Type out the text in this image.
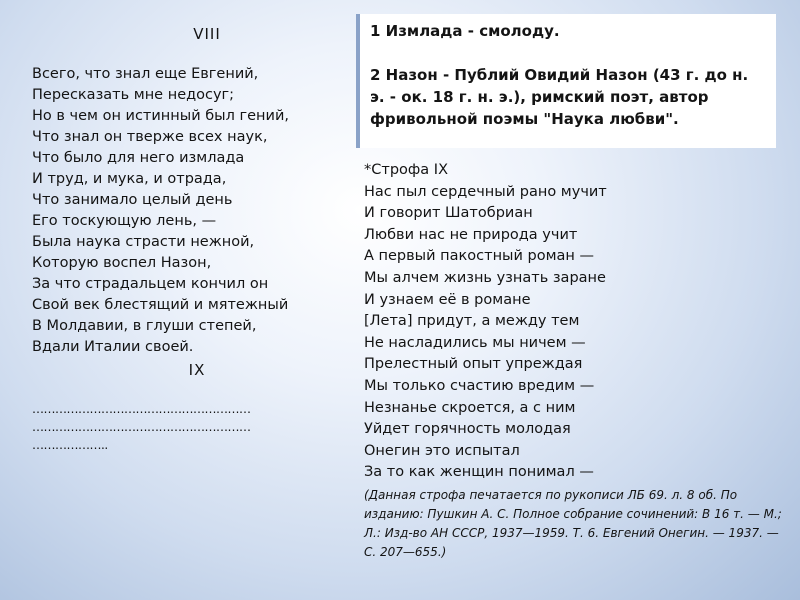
VIII
Всего, что знал еще Евгений,
Пересказать мне недосуг;
Но в чем он истинный был гений,
Что знал он тверже всех наук,
Что было для него измлада
И труд, и мука, и отрада,
Что занимало целый день
Его тоскующую лень, —
Была наука страсти нежной,
Которую воспел Назон,
За что страдальцем кончил он
Свой век блестящий и мятежный
В Молдавии, в глуши степей,
Вдали Италии своей.
IX
…………………………………………………
…………………………………………………
………………..

1 Измлада - смолоду.

2 Назон - Публий Овидий Назон (43 г. до н. э. - ок. 18 г. н. э.), римский поэт, автор фривольной поэмы "Наука любви".

*Строфа IX
Нас пыл сердечный рано мучит
И говорит Шатобриан
Любви нас не природа учит
А первый пакостный роман —
Мы алчем жизнь узнать заране
И узнаем её в романе
[Лета] придут, а между тем
Не насладились мы ничем —
Прелестный опыт упреждая
Мы только счастию вредим —
Незнанье скроется, а с ним
Уйдет горячность молодая
Онегин это испытал
За то как женщин понимал —
(Данная строфа печатается по рукописи ЛБ 69. л. 8 об. По изданию: Пушкин А. С. Полное собрание сочинений: В 16 т. — М.; Л.: Изд-во АН СССР, 1937—1959. Т. 6. Евгений Онегин. — 1937. — С. 207—655.)
